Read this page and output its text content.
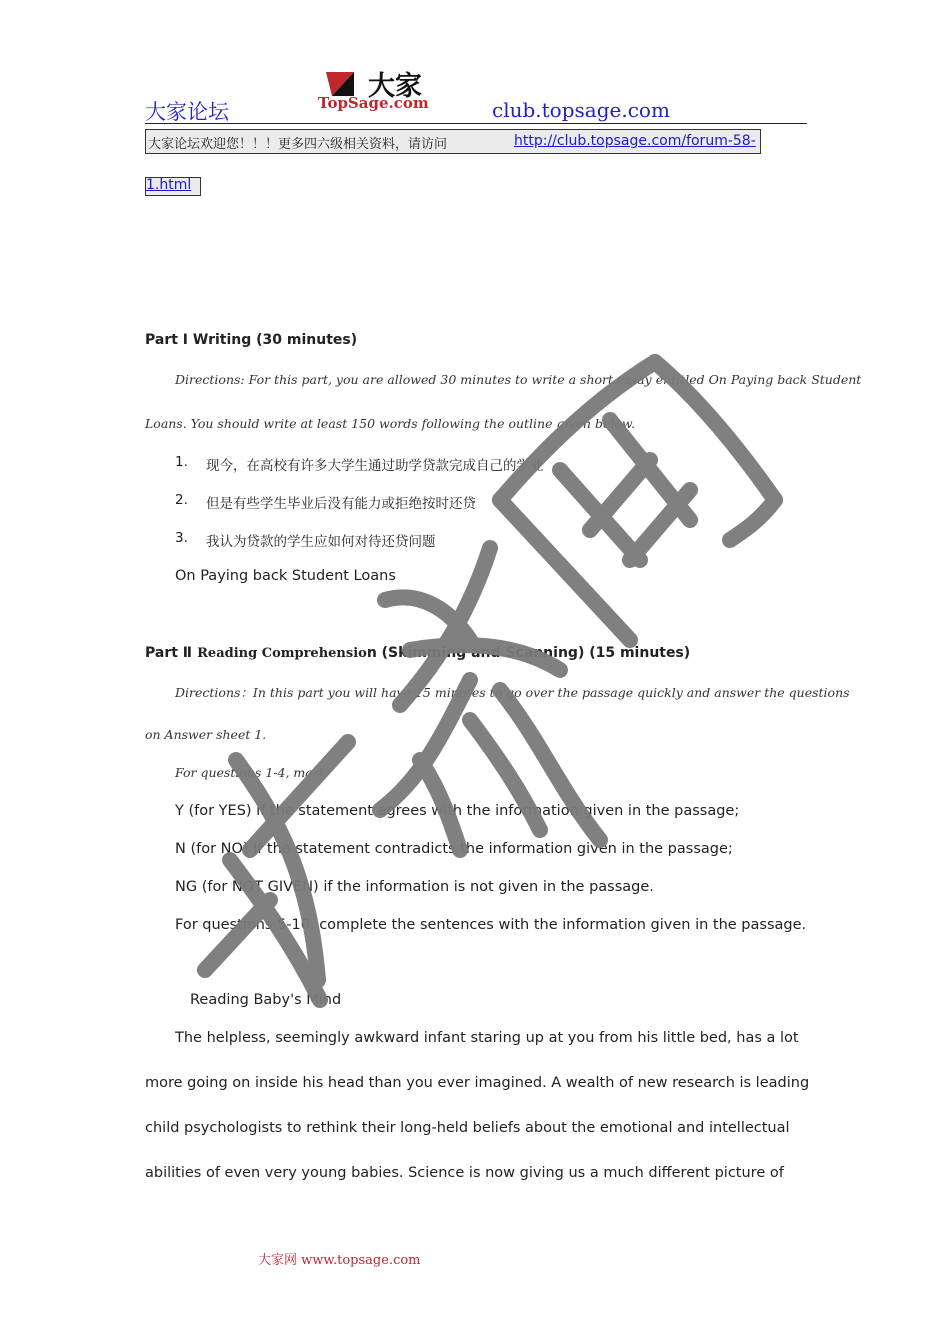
大家论坛
大家
TopSage.com	club.topsage.com
大家论坛欢迎您！！！更多四六级相关资料，请访问	http://club.topsage.com/forum-58-
1.html
Part Ⅰ Writing (30 minutes)
Directions: For this part, you are allowed 30 minutes to write a short essay entitled On Paying back Student
Loans. You should write at least 150 words following the outline given below.
1. 现今，在高校有许多大学生通过助学贷款完成自己的学业
2. 但是有些学生毕业后没有能力或拒绝按时还贷
3. 我认为贷款的学生应如何对待还贷问题
On Paying back Student Loans
Part Ⅱ Reading Comprehension (Skimming and Scanning) (15 minutes)
Directions：In this part you will have 15 minutes to go over the passage quickly and answer the questions
on Answer sheet 1.
For questions 1-4, mark
Y (for YES) if the statement agrees with the information given in the passage;
N (for NO) if the statement contradicts the information given in the passage;
NG (for NOT GIVEN) if the information is not given in the passage.
For questions 5-10, complete the sentences with the information given in the passage.
Reading Baby's Mind
The helpless, seemingly awkward infant staring up at you from his little bed, has a lot
more going on inside his head than you ever imagined. A wealth of new research is leading
child psychologists to rethink their long-held beliefs about the emotional and intellectual
abilities of even very young babies. Science is now giving us a much different picture of
大家网 www.topsage.com
